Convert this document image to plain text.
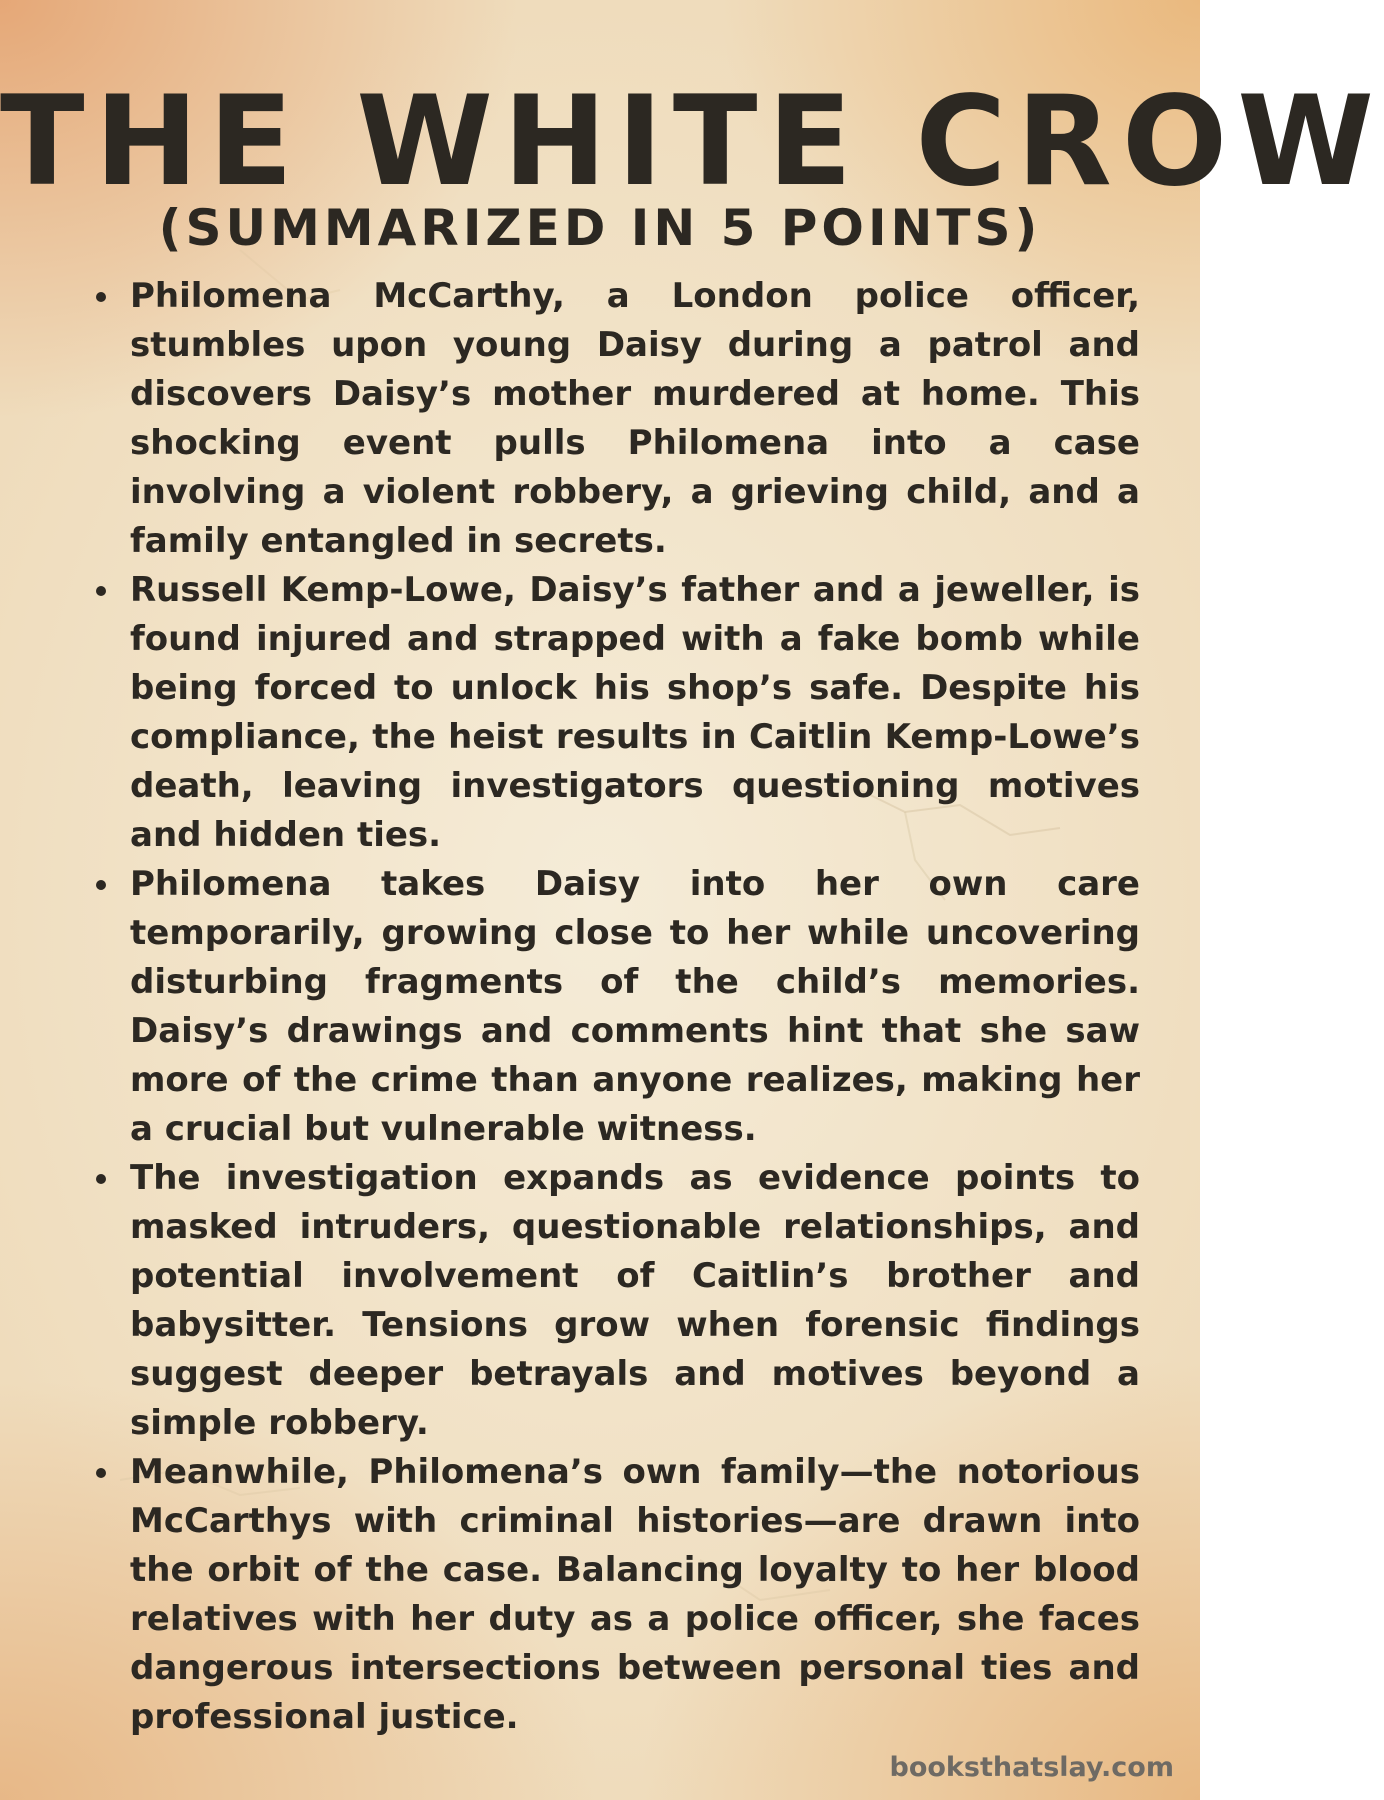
THE WHITE CROW
(SUMMARIZED IN 5 POINTS)
Philomena McCarthy, a London police officer, stumbles upon young Daisy during a patrol and discovers Daisy’s mother murdered at home. This shocking event pulls Philomena into a case involving a violent robbery, a grieving child, and a family entangled in secrets.
Russell Kemp-Lowe, Daisy’s father and a jeweller, is found injured and strapped with a fake bomb while being forced to unlock his shop’s safe. Despite his compliance, the heist results in Caitlin Kemp-Lowe’s death, leaving investigators questioning motives and hidden ties.
Philomena takes Daisy into her own care temporarily, growing close to her while uncovering disturbing fragments of the child’s memories. Daisy’s drawings and comments hint that she saw more of the crime than anyone realizes, making her a crucial but vulnerable witness.
The investigation expands as evidence points to masked intruders, questionable relationships, and potential involvement of Caitlin’s brother and babysitter. Tensions grow when forensic findings suggest deeper betrayals and motives beyond a simple robbery.
Meanwhile, Philomena’s own family—the notorious McCarthys with criminal histories—are drawn into the orbit of the case. Balancing loyalty to her blood relatives with her duty as a police officer, she faces dangerous intersections between personal ties and professional justice.
booksthatslay.com
